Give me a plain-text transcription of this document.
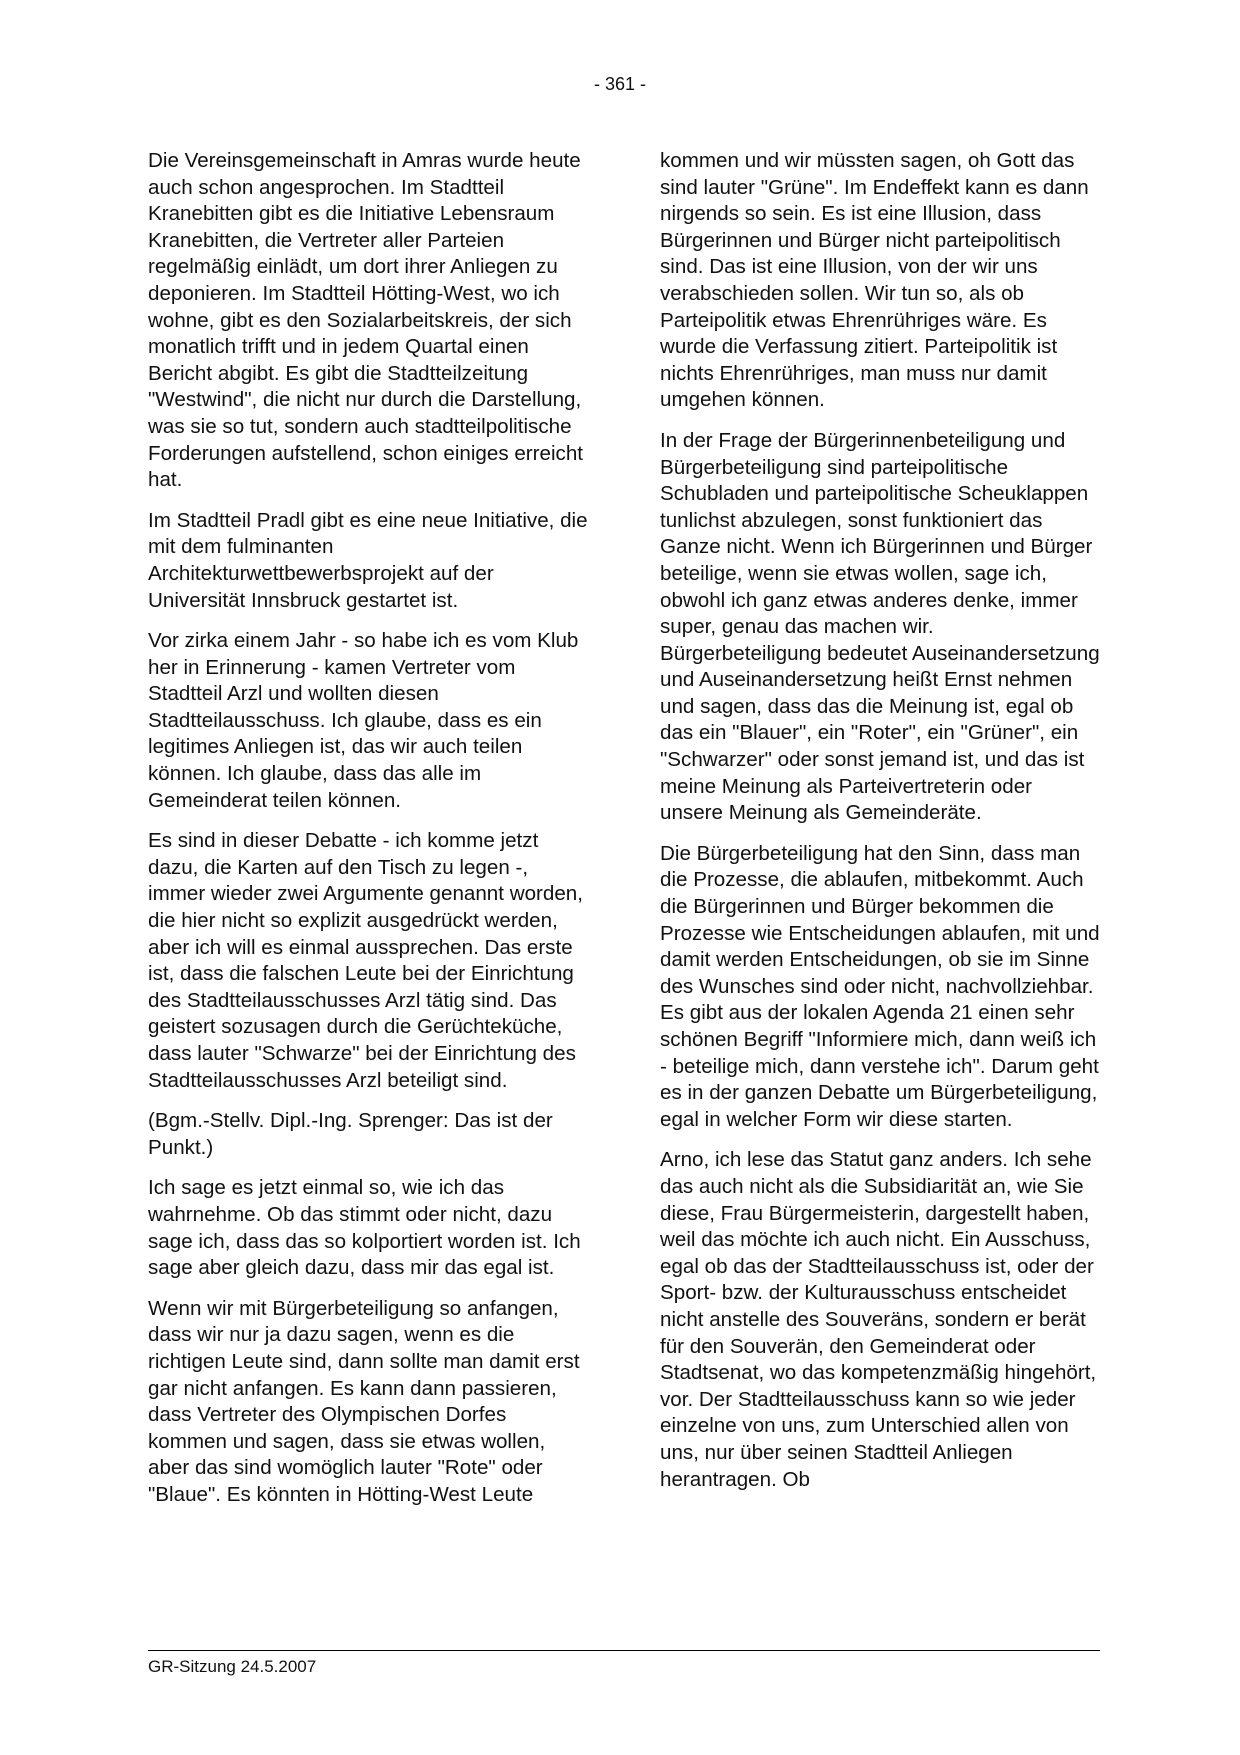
- 361 -

Die Vereinsgemeinschaft in Amras wurde heute auch schon angesprochen. Im Stadtteil Kranebitten gibt es die Initiative Lebensraum Kranebitten, die Vertreter aller Parteien regelmäßig einlädt, um dort ihrer Anliegen zu deponieren. Im Stadtteil Hötting-West, wo ich wohne, gibt es den Sozialarbeitskreis, der sich monatlich trifft und in jedem Quartal einen Bericht abgibt. Es gibt die Stadtteilzeitung "Westwind", die nicht nur durch die Darstellung, was sie so tut, sondern auch stadtteilpolitische Forderungen aufstellend, schon einiges erreicht hat.

Im Stadtteil Pradl gibt es eine neue Initiative, die mit dem fulminanten Architekturwettbewerbsprojekt auf der Universität Innsbruck gestartet ist.

Vor zirka einem Jahr - so habe ich es vom Klub her in Erinnerung - kamen Vertreter vom Stadtteil Arzl und wollten diesen Stadtteilausschuss. Ich glaube, dass es ein legitimes Anliegen ist, das wir auch teilen können. Ich glaube, dass das alle im Gemeinderat teilen können.

Es sind in dieser Debatte - ich komme jetzt dazu, die Karten auf den Tisch zu legen -, immer wieder zwei Argumente genannt worden, die hier nicht so explizit ausgedrückt werden, aber ich will es einmal aussprechen. Das erste ist, dass die falschen Leute bei der Einrichtung des Stadtteilausschusses Arzl tätig sind. Das geistert sozusagen durch die Gerüchteküche, dass lauter "Schwarze" bei der Einrichtung des Stadtteilausschusses Arzl beteiligt sind.

(Bgm.-Stellv. Dipl.-Ing. Sprenger: Das ist der Punkt.)

Ich sage es jetzt einmal so, wie ich das wahrnehme. Ob das stimmt oder nicht, dazu sage ich, dass das so kolportiert worden ist. Ich sage aber gleich dazu, dass mir das egal ist.

Wenn wir mit Bürgerbeteiligung so anfangen, dass wir nur ja dazu sagen, wenn es die richtigen Leute sind, dann sollte man damit erst gar nicht anfangen. Es kann dann passieren, dass Vertreter des Olympischen Dorfes kommen und sagen, dass sie etwas wollen, aber das sind womöglich lauter "Rote" oder "Blaue". Es könnten in Hötting-West Leute

kommen und wir müssten sagen, oh Gott das sind lauter "Grüne". Im Endeffekt kann es dann nirgends so sein. Es ist eine Illusion, dass Bürgerinnen und Bürger nicht parteipolitisch sind. Das ist eine Illusion, von der wir uns verabschieden sollen. Wir tun so, als ob Parteipolitik etwas Ehrenrühriges wäre. Es wurde die Verfassung zitiert. Parteipolitik ist nichts Ehrenrühriges, man muss nur damit umgehen können.

In der Frage der Bürgerinnenbeteiligung und Bürgerbeteiligung sind parteipolitische Schubladen und parteipolitische Scheuklappen tunlichst abzulegen, sonst funktioniert das Ganze nicht. Wenn ich Bürgerinnen und Bürger beteilige, wenn sie etwas wollen, sage ich, obwohl ich ganz etwas anderes denke, immer super, genau das machen wir. Bürgerbeteiligung bedeutet Auseinandersetzung und Auseinandersetzung heißt Ernst nehmen und sagen, dass das die Meinung ist, egal ob das ein "Blauer", ein "Roter", ein "Grüner", ein "Schwarzer" oder sonst jemand ist, und das ist meine Meinung als Parteivertreterin oder unsere Meinung als Gemeinderäte.

Die Bürgerbeteiligung hat den Sinn, dass man die Prozesse, die ablaufen, mitbekommt. Auch die Bürgerinnen und Bürger bekommen die Prozesse wie Entscheidungen ablaufen, mit und damit werden Entscheidungen, ob sie im Sinne des Wunsches sind oder nicht, nachvollziehbar. Es gibt aus der lokalen Agenda 21 einen sehr schönen Begriff "Informiere mich, dann weiß ich - beteilige mich, dann verstehe ich". Darum geht es in der ganzen Debatte um Bürgerbeteiligung, egal in welcher Form wir diese starten.

Arno, ich lese das Statut ganz anders. Ich sehe das auch nicht als die Subsidiarität an, wie Sie diese, Frau Bürgermeisterin, dargestellt haben, weil das möchte ich auch nicht. Ein Ausschuss, egal ob das der Stadtteilausschuss ist, oder der Sport- bzw. der Kulturausschuss entscheidet nicht anstelle des Souveräns, sondern er berät für den Souverän, den Gemeinderat oder Stadtsenat, wo das kompetenzmäßig hingehört, vor. Der Stadtteilausschuss kann so wie jeder einzelne von uns, zum Unterschied allen von uns, nur über seinen Stadtteil Anliegen herantragen. Ob

GR-Sitzung 24.5.2007
